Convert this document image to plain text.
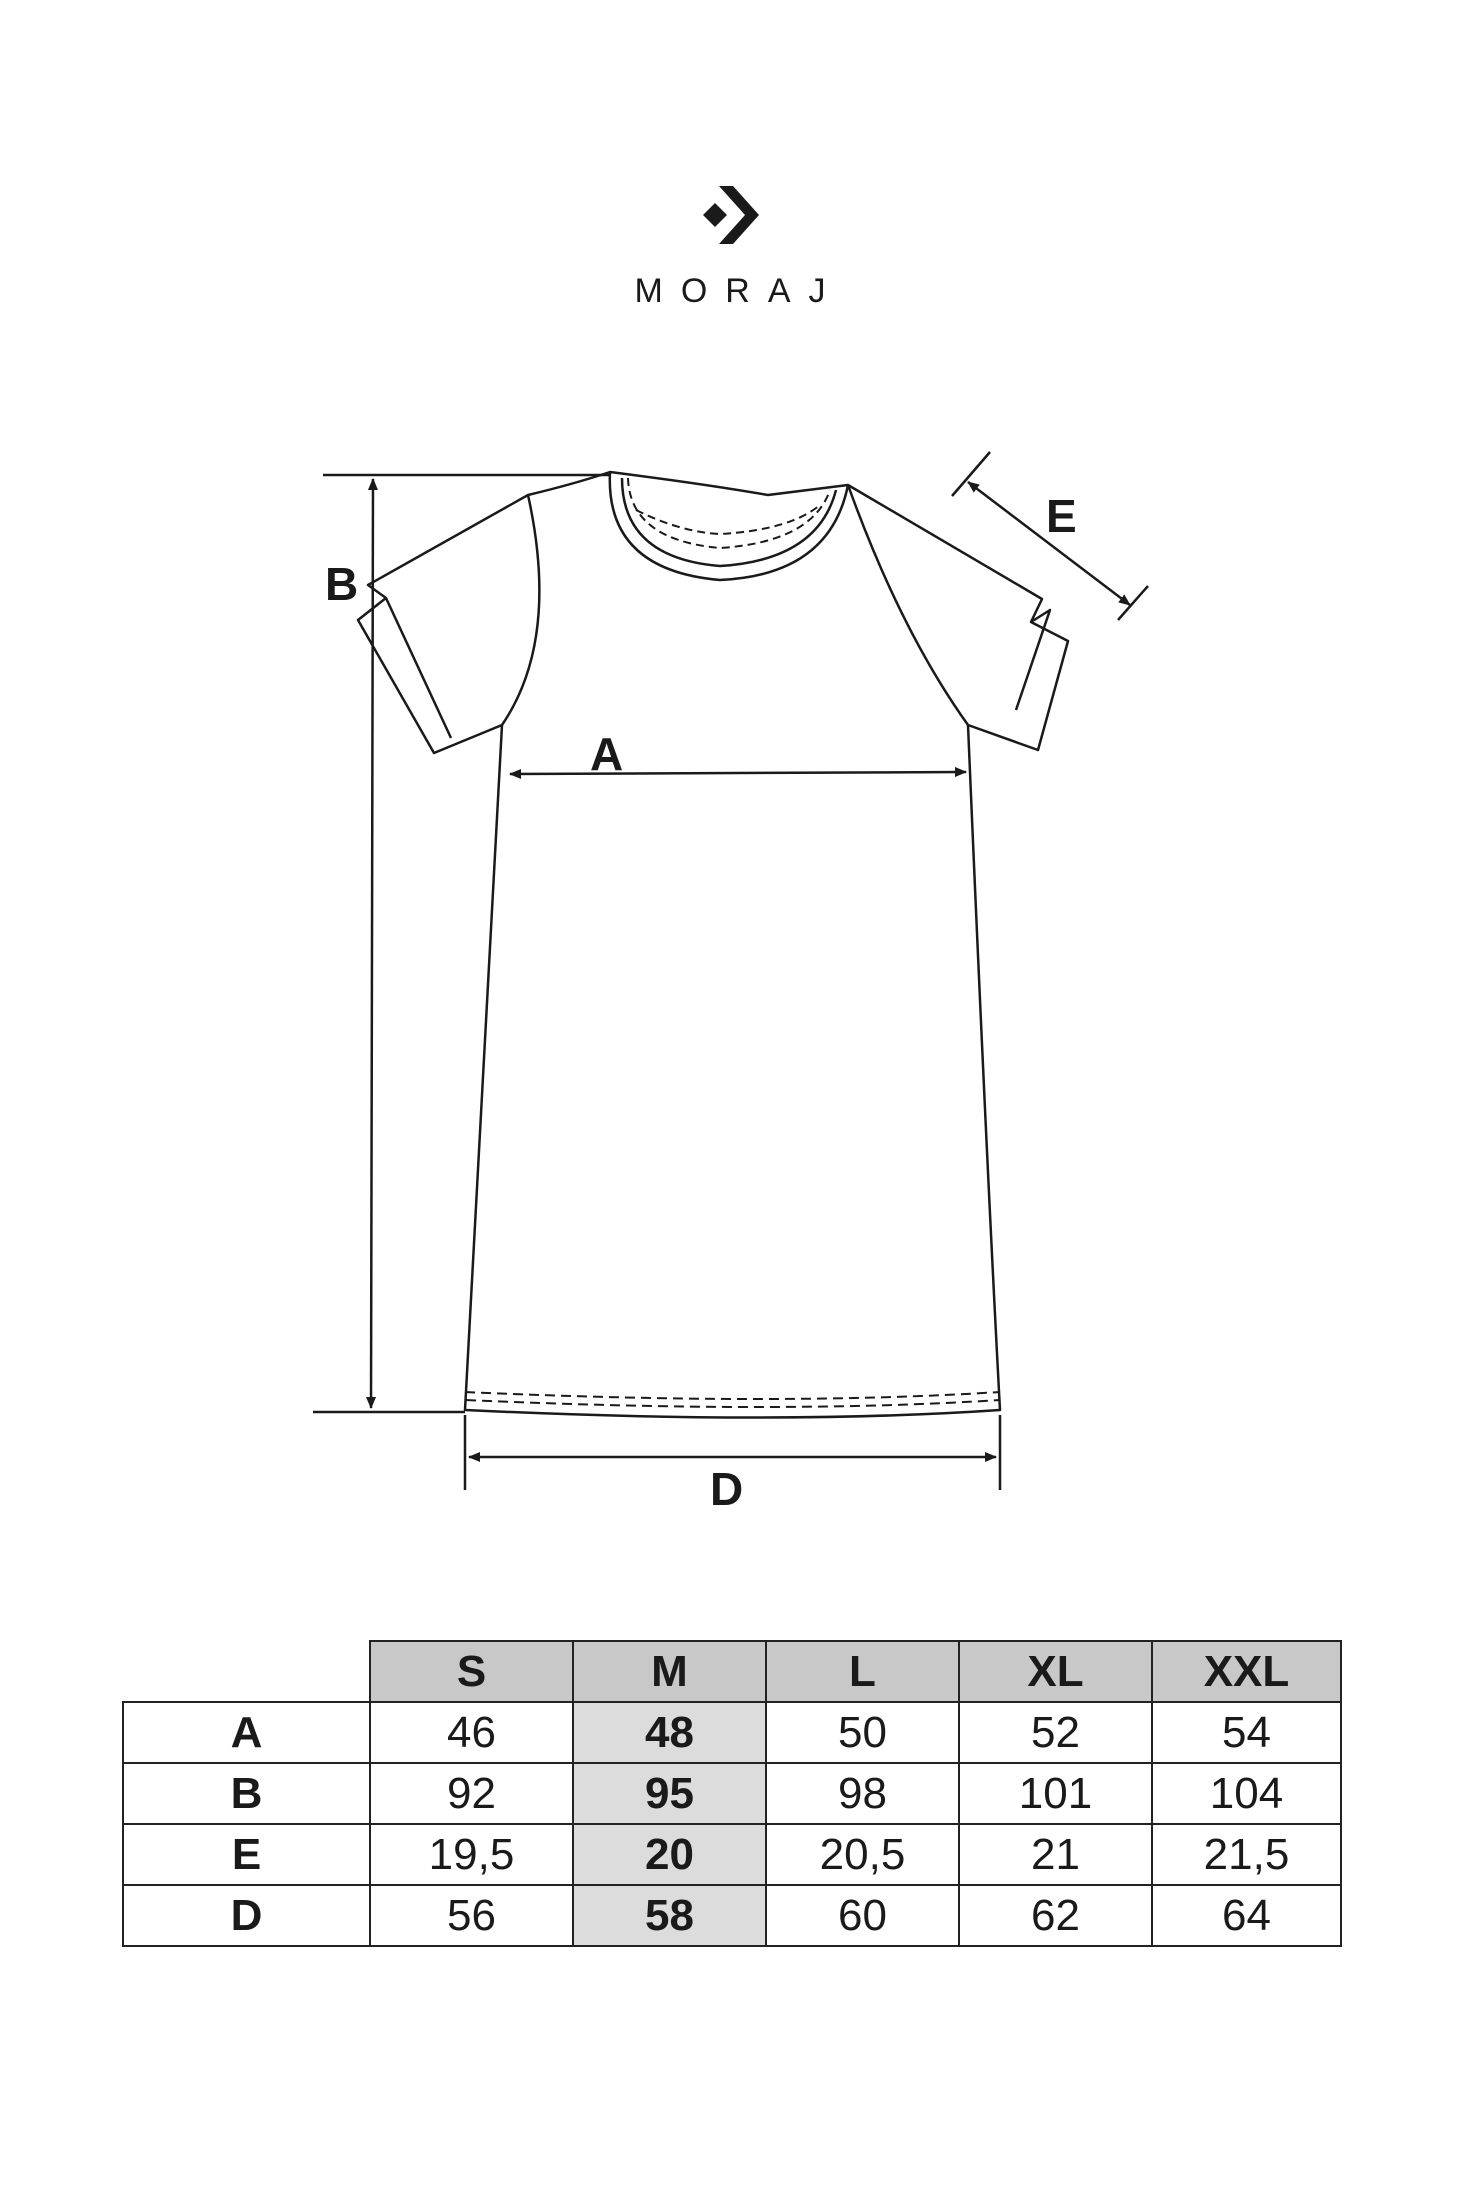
MORAJ
B
A
E
D
	S	M	L	XL	XXL
A	46	48	50	52	54
B	92	95	98	101	104
E	19,5	20	20,5	21	21,5
D	56	58	60	62	64
